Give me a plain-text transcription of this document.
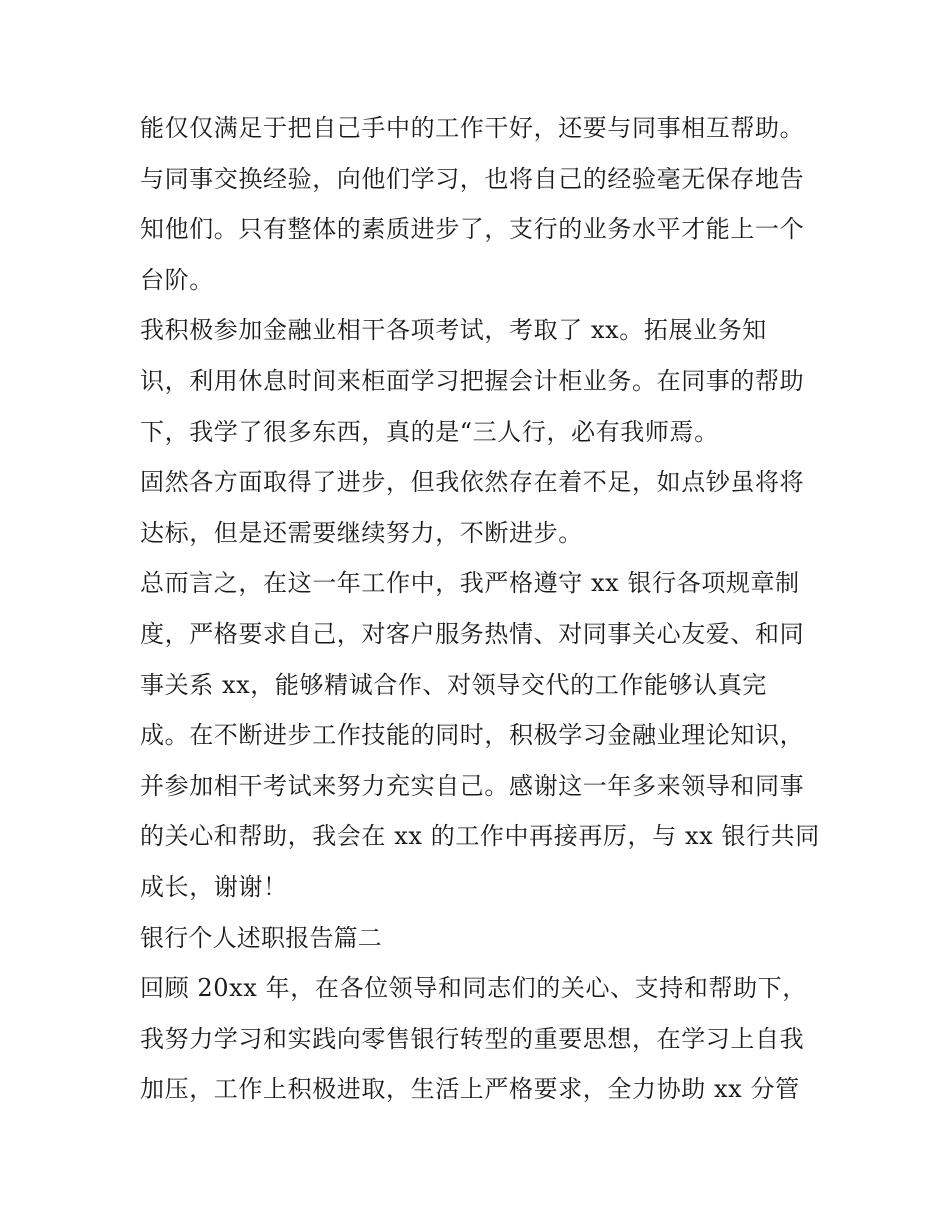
能仅仅满足于把自己手中的工作干好，还要与同事相互帮助。
与同事交换经验，向他们学习，也将自己的经验毫无保存地告
知他们。只有整体的素质进步了，支行的业务水平才能上一个
台阶。
我积极参加金融业相干各项考试，考取了 xx。拓展业务知
识，利用休息时间来柜面学习把握会计柜业务。在同事的帮助
下，我学了很多东西，真的是“三人行，必有我师焉。
固然各方面取得了进步，但我依然存在着不足，如点钞虽将将
达标，但是还需要继续努力，不断进步。
总而言之，在这一年工作中，我严格遵守 xx 银行各项规章制
度，严格要求自己，对客户服务热情、对同事关心友爱、和同
事关系 xx，能够精诚合作、对领导交代的工作能够认真完
成。在不断进步工作技能的同时，积极学习金融业理论知识，
并参加相干考试来努力充实自己。感谢这一年多来领导和同事
的关心和帮助，我会在 xx 的工作中再接再厉，与 xx 银行共同
成长，谢谢！
银行个人述职报告篇二
回顾 20xx 年，在各位领导和同志们的关心、支持和帮助下，
我努力学习和实践向零售银行转型的重要思想，在学习上自我
加压，工作上积极进取，生活上严格要求，全力协助 xx 分管
